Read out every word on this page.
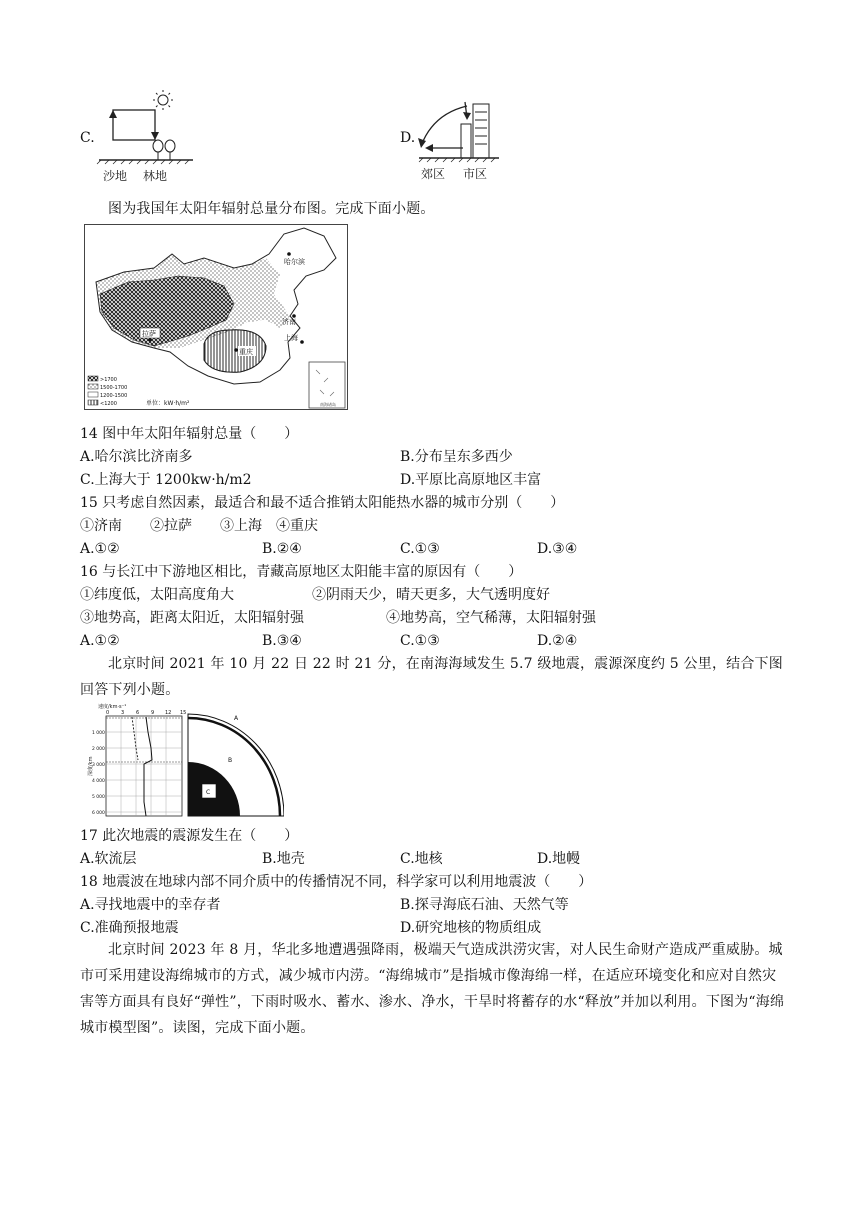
C.
沙地 林地
D.
郊区 市区
图为我国年太阳年辐射总量分布图。完成下面小题。
南海诸岛
哈尔滨
济南
上海
拉萨
重庆
>1700
1500-1700
1200-1500
<1200	单位：kW·h/m²
14 图中年太阳年辐射总量（　　）
A.哈尔滨比济南多	B.分布呈东多西少
C.上海大于 1200kw·h/m2	D.平原比高原地区丰富
15 只考虑自然因素，最适合和最不适合推销太阳能热水器的城市分别（　　）
①济南　　②拉萨　　③上海　④重庆
A.①②	B.②④	C.①③	D.③④
16 与长江中下游地区相比，青藏高原地区太阳能丰富的原因有（　　）
①纬度低，太阳高度角大	②阴雨天少，晴天更多，大气透明度好
③地势高，距离太阳近，太阳辐射强	④地势高，空气稀薄，太阳辐射强
A.①②	B.③④	C.①③	D.②④
北京时间 2021 年 10 月 22 日 22 时 21 分，在南海海域发生 5.7 级地震，震源深度约 5 公里，结合下图回答下列小题。
速度/km·s⁻¹
0 3 6 9 12 15
深度/km
1 000
2 000
3 000
4 000
5 000
6 000
A
B
C
17 此次地震的震源发生在（　　）
A.软流层	B.地壳	C.地核	D.地幔
18 地震波在地球内部不同介质中的传播情况不同，科学家可以利用地震波（　　）
A.寻找地震中的幸存者	B.探寻海底石油、天然气等
C.准确预报地震	D.研究地核的物质组成
北京时间 2023 年 8 月，华北多地遭遇强降雨，极端天气造成洪涝灾害，对人民生命财产造成严重威胁。城市可采用建设海绵城市的方式，减少城市内涝。“海绵城市”是指城市像海绵一样，在适应环境变化和应对自然灾害等方面具有良好“弹性”，下雨时吸水、蓄水、渗水、净水，干旱时将蓄存的水“释放”并加以利用。下图为“海绵城市模型图”。读图，完成下面小题。
